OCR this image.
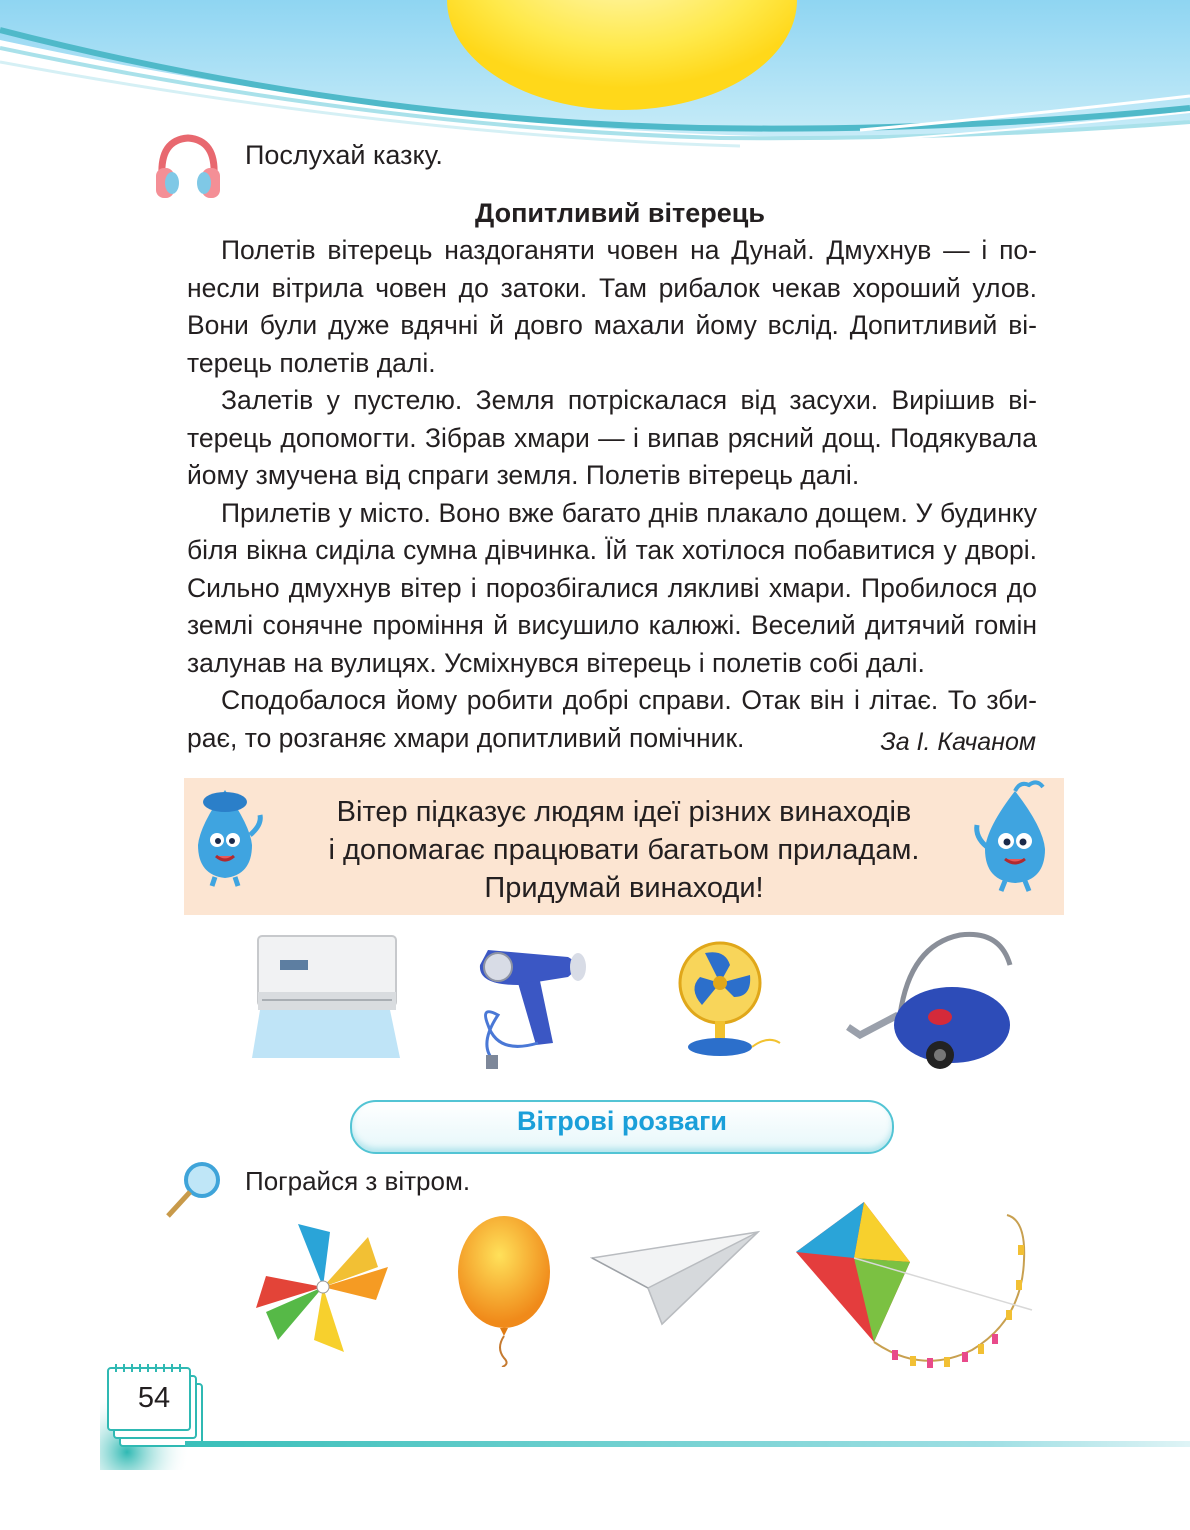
Послухай казку.
Допитливий вітерець

Полетів вітерець наздоганяти човен на Дунай. Дмухнув — і понесли вітрила човен до затоки. Там рибалок чекав хороший улов. Вони були дуже вдячні й довго махали йому вслід. Допитливий вітерець полетів далі.

Залетів у пустелю. Земля потріскалася від засухи. Вирішив вітерець допомогти. Зібрав хмари — і випав рясний дощ. Подякувала йому змучена від спраги земля. Полетів вітерець далі.

Прилетів у місто. Воно вже багато днів плакало дощем. У будинку біля вікна сиділа сумна дівчинка. Їй так хотілося побавитися у дворі. Сильно дмухнув вітер і порозбігалися лякливі хмари. Пробилося до землі сонячне проміння й висушило калюжі. Веселий дитячий гомін залунав на вулицях. Усміхнувся вітерець і полетів собі далі.

Сподобалося йому робити добрі справи. Отак він і літає. То збирає, то розганяє хмари допитливий помічник.	За І. Качаном
Вітер підказує людям ідеї різних винаходів
і допомагає працювати багатьом приладам.
Придумай винаходи!
Вітрові розваги
Пограйся з вітром.
54
